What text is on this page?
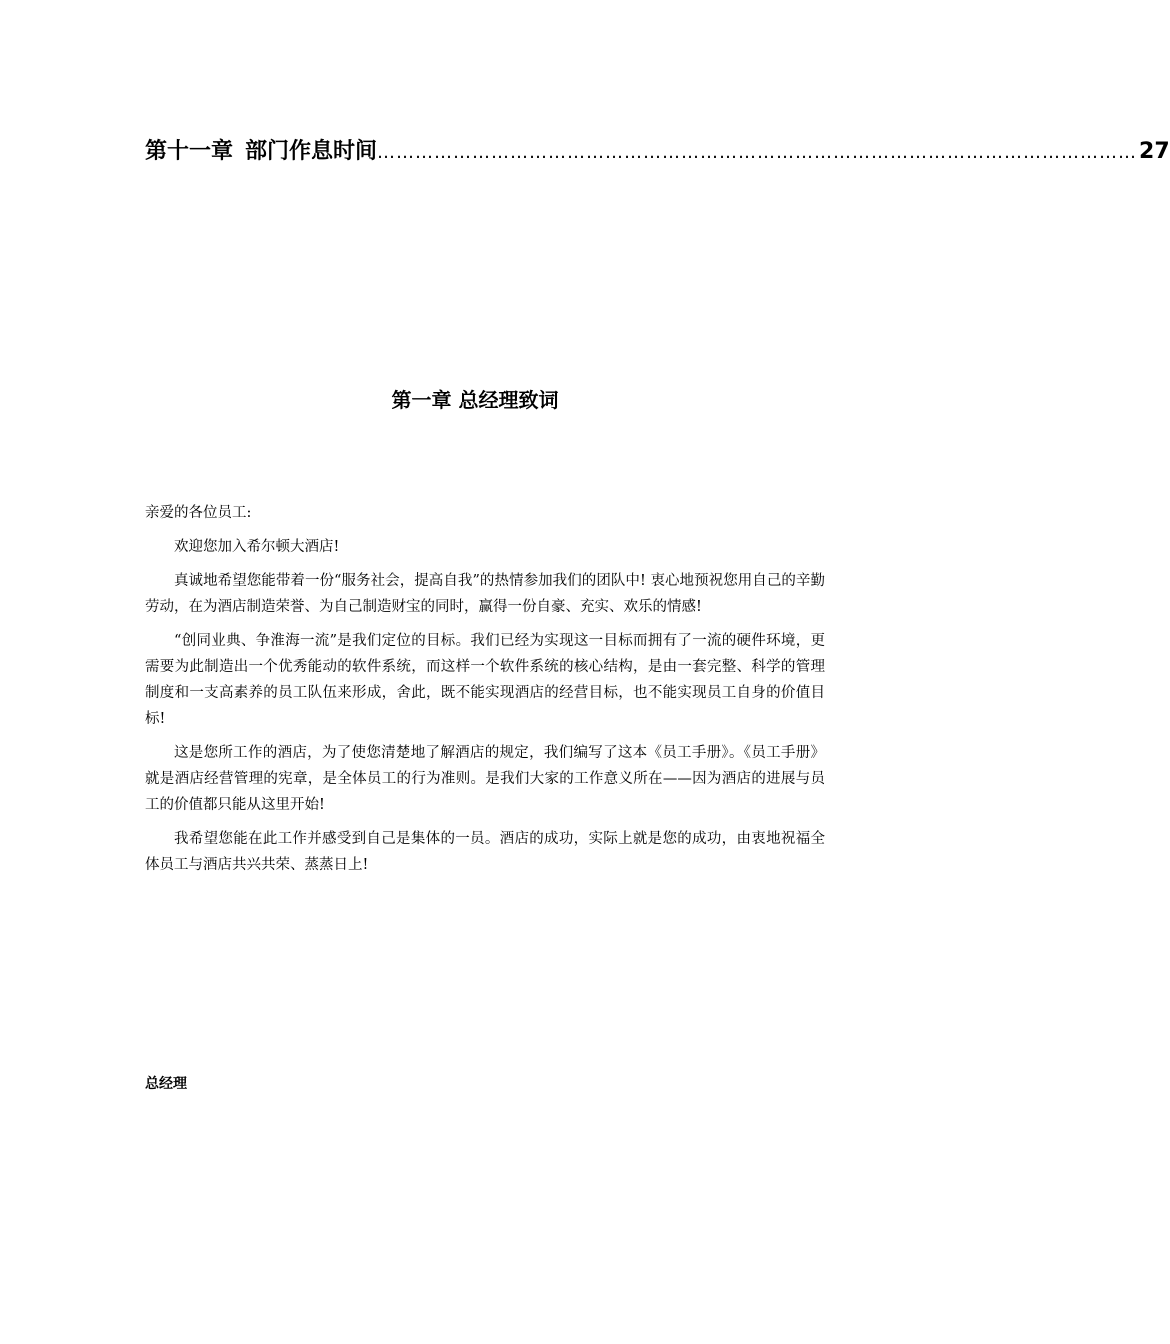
第十一章 部门作息时间 ………………………………………………………………………………………………………… 27
第一章 总经理致词

亲爱的各位员工:

欢迎您加入希尔顿大酒店!

真诚地希望您能带着一份“服务社会，提高自我”的热情参加我们的团队中! 衷心地预祝您用自己的辛勤劳动，在为酒店制造荣誉、为自己制造财宝的同时，赢得一份自豪、充实、欢乐的情感!

“创同业典、争淮海一流”是我们定位的目标。我们已经为实现这一目标而拥有了一流的硬件环境，更需要为此制造出一个优秀能动的软件系统，而这样一个软件系统的核心结构，是由一套完整、科学的管理制度和一支高素养的员工队伍来形成，舍此，既不能实现酒店的经营目标，也不能实现员工自身的价值目标!

这是您所工作的酒店，为了使您清楚地了解酒店的规定，我们编写了这本《员工手册》。《员工手册》就是酒店经营管理的宪章，是全体员工的行为准则。是我们大家的工作意义所在——因为酒店的进展与员工的价值都只能从这里开始!

我希望您能在此工作并感受到自己是集体的一员。酒店的成功，实际上就是您的成功，由衷地祝福全体员工与酒店共兴共荣、蒸蒸日上!

总经理
